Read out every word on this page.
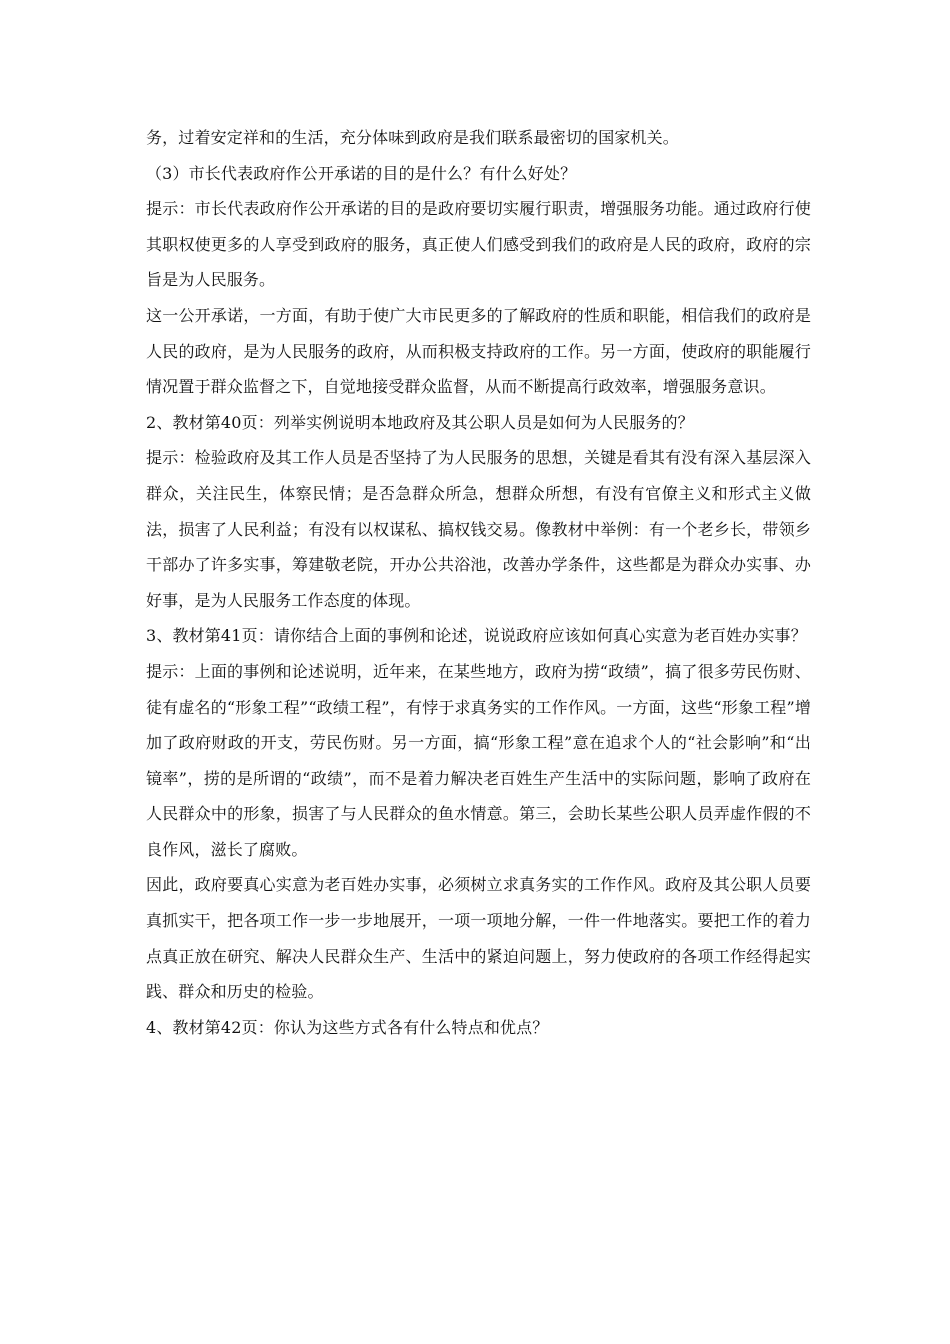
务，过着安定祥和的生活，充分体味到政府是我们联系最密切的国家机关。

（3）市长代表政府作公开承诺的目的是什么？有什么好处？

提示：市长代表政府作公开承诺的目的是政府要切实履行职责，增强服务功能。通过政府行使其职权使更多的人享受到政府的服务，真正使人们感受到我们的政府是人民的政府，政府的宗旨是为人民服务。

这一公开承诺，一方面，有助于使广大市民更多的了解政府的性质和职能，相信我们的政府是人民的政府，是为人民服务的政府，从而积极支持政府的工作。另一方面，使政府的职能履行情况置于群众监督之下，自觉地接受群众监督，从而不断提高行政效率，增强服务意识。

2、教材第40页：列举实例说明本地政府及其公职人员是如何为人民服务的？

提示：检验政府及其工作人员是否坚持了为人民服务的思想，关键是看其有没有深入基层深入群众，关注民生，体察民情；是否急群众所急，想群众所想，有没有官僚主义和形式主义做法，损害了人民利益；有没有以权谋私、搞权钱交易。像教材中举例：有一个老乡长，带领乡干部办了许多实事，筹建敬老院，开办公共浴池，改善办学条件，这些都是为群众办实事、办好事，是为人民服务工作态度的体现。

3、教材第41页：请你结合上面的事例和论述，说说政府应该如何真心实意为老百姓办实事？

提示：上面的事例和论述说明，近年来，在某些地方，政府为捞“政绩”，搞了很多劳民伤财、徒有虚名的“形象工程”“政绩工程”，有悖于求真务实的工作作风。一方面，这些“形象工程”增加了政府财政的开支，劳民伤财。另一方面，搞“形象工程”意在追求个人的“社会影响”和“出镜率”，捞的是所谓的“政绩”，而不是着力解决老百姓生产生活中的实际问题，影响了政府在人民群众中的形象，损害了与人民群众的鱼水情意。第三，会助长某些公职人员弄虚作假的不良作风，滋长了腐败。

因此，政府要真心实意为老百姓办实事，必须树立求真务实的工作作风。政府及其公职人员要真抓实干，把各项工作一步一步地展开，一项一项地分解，一件一件地落实。要把工作的着力点真正放在研究、解决人民群众生产、生活中的紧迫问题上，努力使政府的各项工作经得起实践、群众和历史的检验。

4、教材第42页：你认为这些方式各有什么特点和优点？
